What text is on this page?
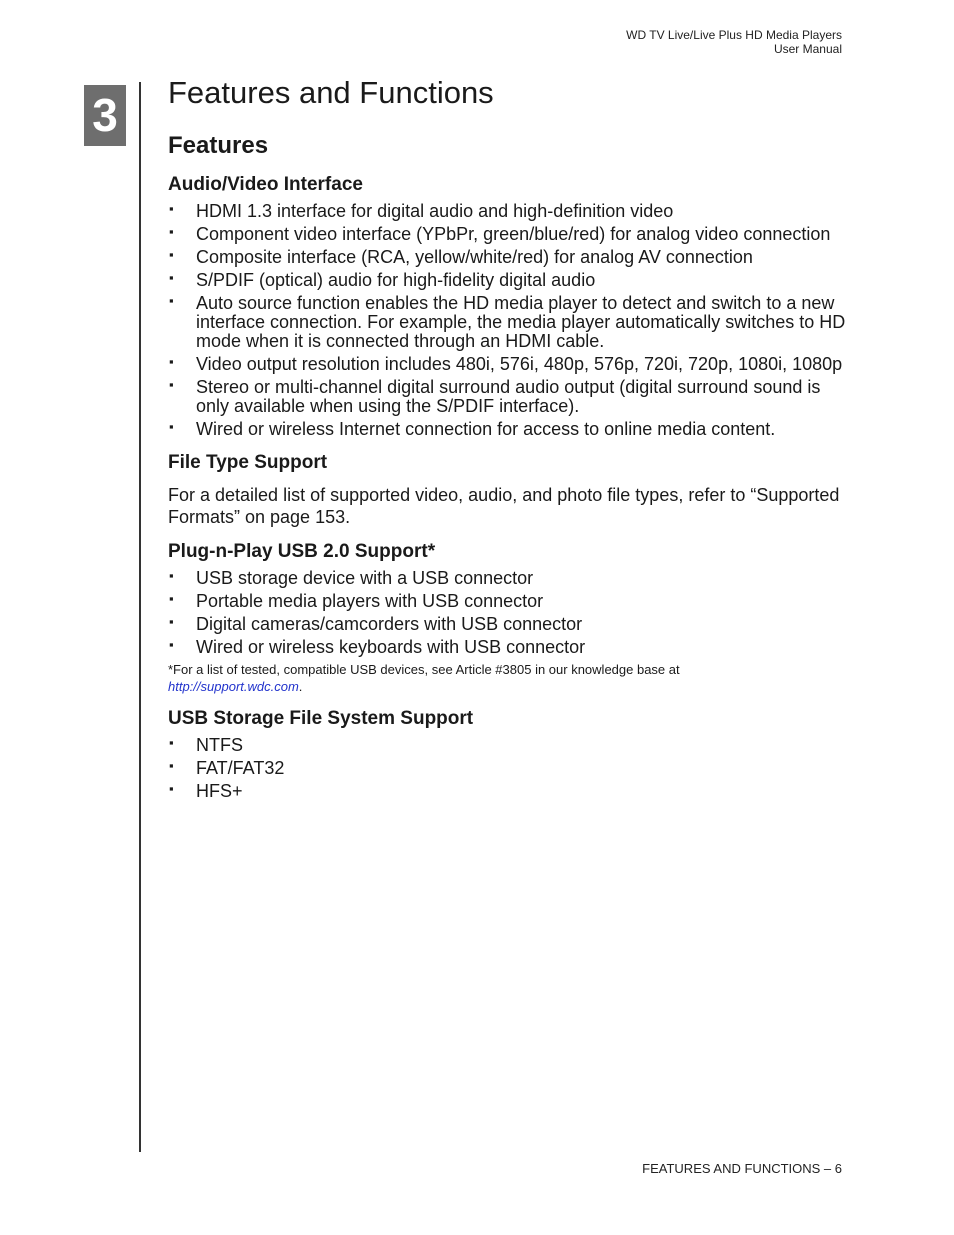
WD TV Live/Live Plus HD Media Players
User Manual
3 Features and Functions
Features
Audio/Video Interface
▪ HDMI 1.3 interface for digital audio and high-definition video
▪ Component video interface (YPbPr, green/blue/red) for analog video connection
▪ Composite interface (RCA, yellow/white/red) for analog AV connection
▪ S/PDIF (optical) audio for high-fidelity digital audio
▪ Auto source function enables the HD media player to detect and switch to a new interface connection. For example, the media player automatically switches to HD mode when it is connected through an HDMI cable.
▪ Video output resolution includes 480i, 576i, 480p, 576p, 720i, 720p, 1080i, 1080p
▪ Stereo or multi-channel digital surround audio output (digital surround sound is only available when using the S/PDIF interface).
▪ Wired or wireless Internet connection for access to online media content.
File Type Support

For a detailed list of supported video, audio, and photo file types, refer to “Supported Formats” on page 153.

Plug-n-Play USB 2.0 Support*
▪ USB storage device with a USB connector
▪ Portable media players with USB connector
▪ Digital cameras/camcorders with USB connector
▪ Wired or wireless keyboards with USB connector

*For a list of tested, compatible USB devices, see Article #3805 in our knowledge base at
http://support.wdc.com.

USB Storage File System Support
▪ NTFS
▪ FAT/FAT32
▪ HFS+
FEATURES AND FUNCTIONS – 6
